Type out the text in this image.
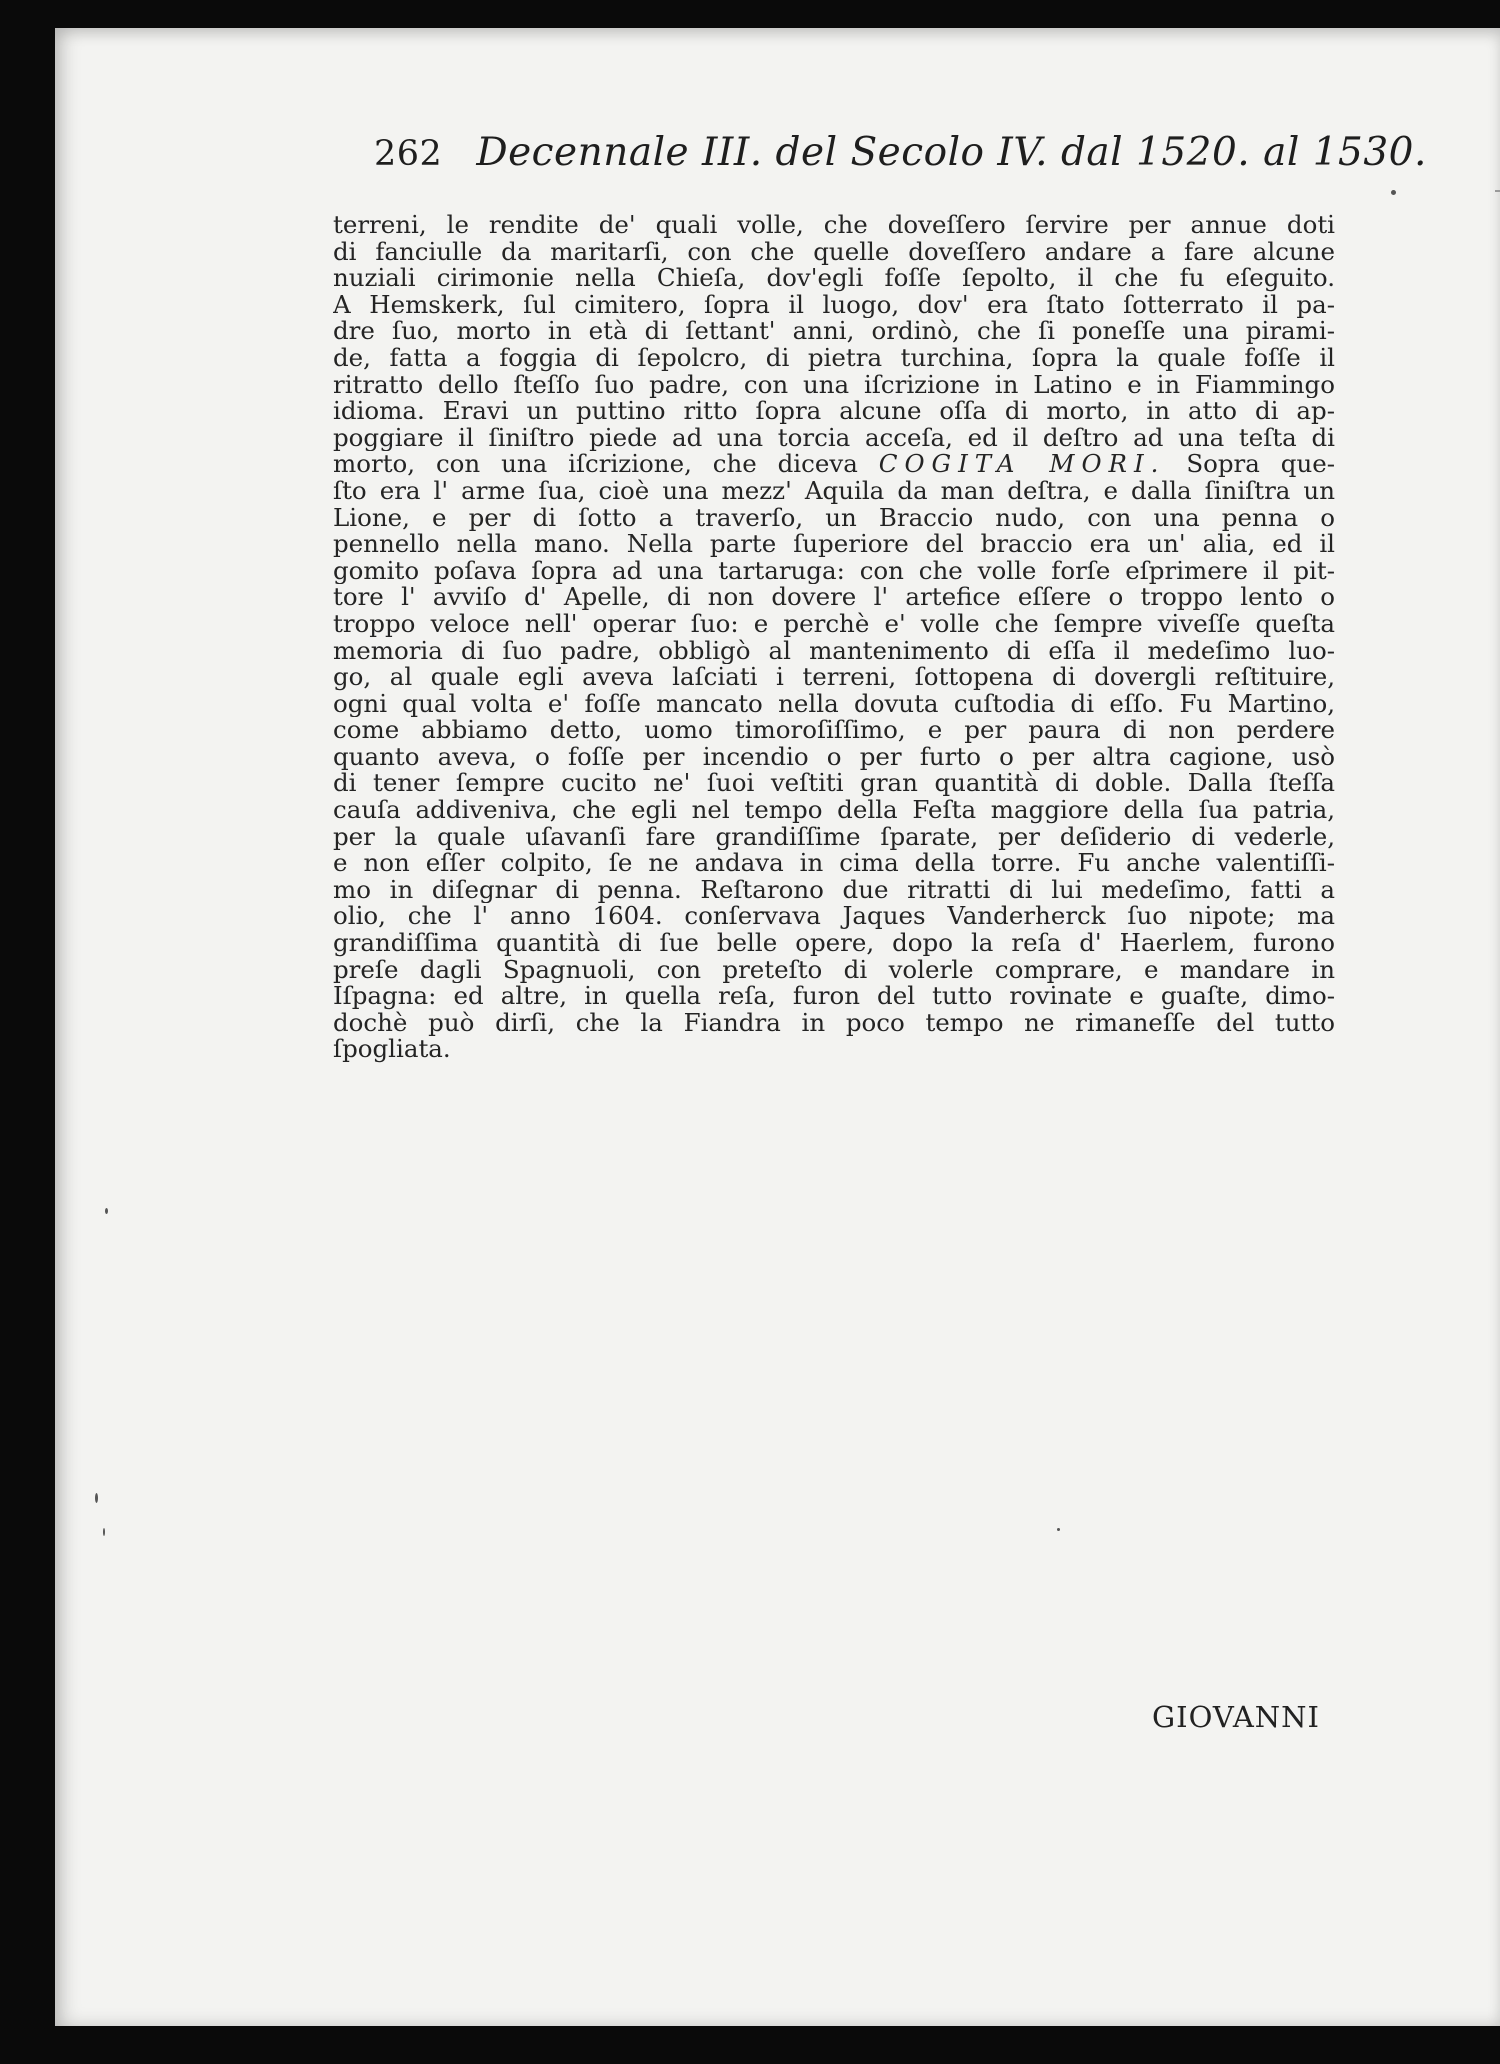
262 Decennale III. del Secolo IV. dal 1520. al 1530.
terreni, le rendite de' quali volle, che doveſſero ſervire per annue doti
di fanciulle da maritarſi, con che quelle doveſſero andare a fare alcune
nuziali cirimonie nella Chieſa, dov'egli foſſe ſepolto, il che fu eſeguito.
A Hemskerk, ſul cimitero, ſopra il luogo, dov' era ſtato ſotterrato il pa-
dre ſuo, morto in età di ſettant' anni, ordinò, che ſi poneſſe una pirami-
de, fatta a foggia di ſepolcro, di pietra turchina, ſopra la quale foſſe il
ritratto dello ſteſſo ſuo padre, con una iſcrizione in Latino e in Fiammingo
idioma. Eravi un puttino ritto ſopra alcune oſſa di morto, in atto di ap-
poggiare il ſiniſtro piede ad una torcia acceſa, ed il deſtro ad una teſta di
morto, con una iſcrizione, che diceva COGITA MORI. Sopra que-
ſto era l' arme ſua, cioè una mezz' Aquila da man deſtra, e dalla ſiniſtra un
Lione, e per di ſotto a traverſo, un Braccio nudo, con una penna o
pennello nella mano. Nella parte ſuperiore del braccio era un' alia, ed il
gomito poſava ſopra ad una tartaruga: con che volle forſe eſprimere il pit-
tore l' avviſo d' Apelle, di non dovere l' artefice eſſere o troppo lento o
troppo veloce nell' operar ſuo: e perchè e' volle che ſempre viveſſe queſta
memoria di ſuo padre, obbligò al mantenimento di eſſa il medeſimo luo-
go, al quale egli aveva laſciati i terreni, ſottopena di dovergli reſtituire,
ogni qual volta e' foſſe mancato nella dovuta cuſtodia di eſſo. Fu Martino,
come abbiamo detto, uomo timoroſiſſimo, e per paura di non perdere
quanto aveva, o foſſe per incendio o per furto o per altra cagione, usò
di tener ſempre cucito ne' ſuoi veſtiti gran quantità di doble. Dalla ſteſſa
cauſa addiveniva, che egli nel tempo della Feſta maggiore della ſua patria,
per la quale uſavanſi fare grandiſſime ſparate, per deſiderio di vederle,
e non eſſer colpito, ſe ne andava in cima della torre. Fu anche valentiſſi-
mo in diſegnar di penna. Reſtarono due ritratti di lui medeſimo, fatti a
olio, che l' anno 1604. conſervava Jaques Vanderherck ſuo nipote; ma
grandiſſima quantità di ſue belle opere, dopo la reſa d' Haerlem, furono
preſe dagli Spagnuoli, con preteſto di volerle comprare, e mandare in
Iſpagna: ed altre, in quella reſa, furon del tutto rovinate e guaſte, dimo-
dochè può dirſi, che la Fiandra in poco tempo ne rimaneſſe del tutto
ſpogliata.
GIOVANNI
